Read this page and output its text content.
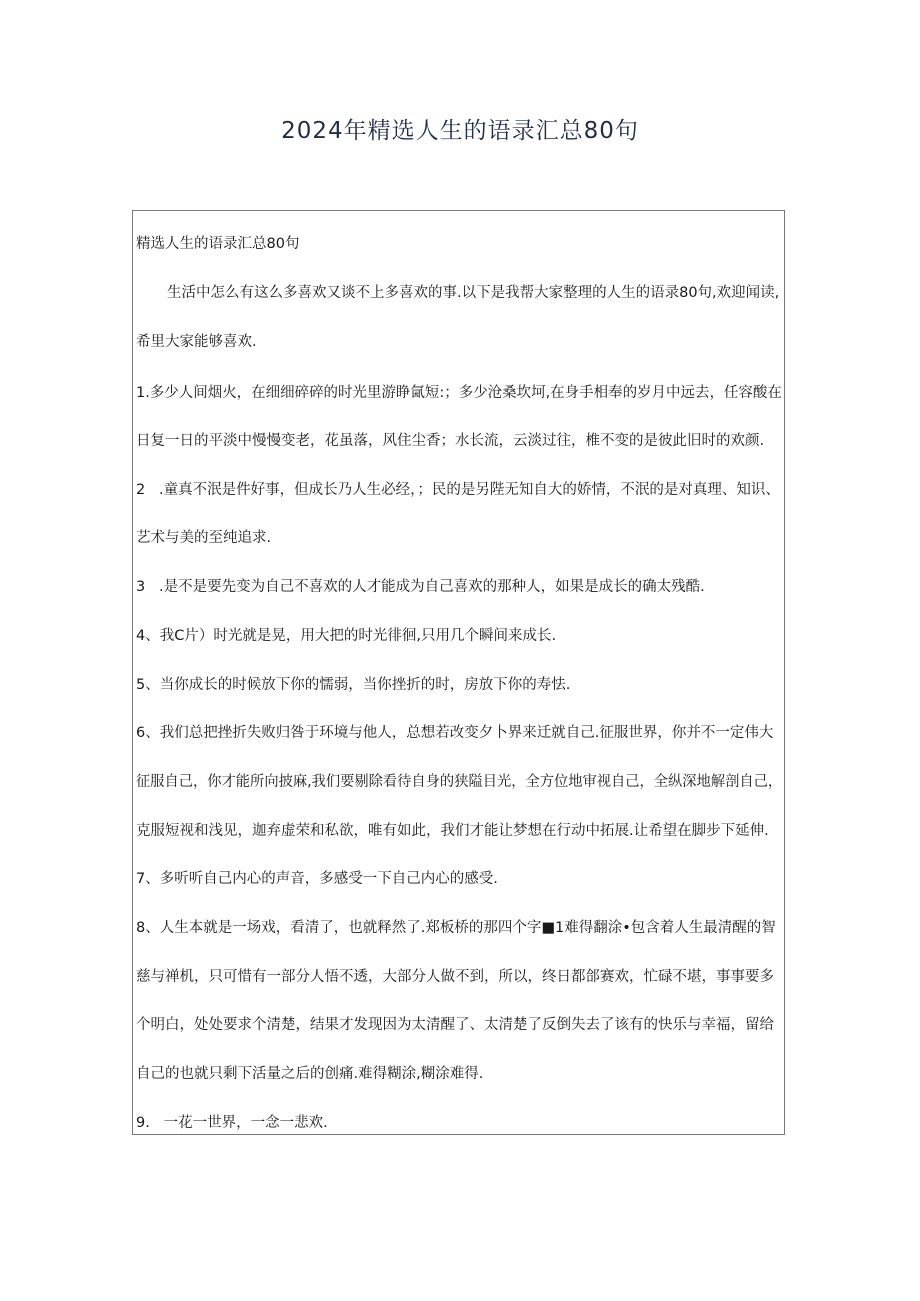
2024年精选人生的语录汇总80句
精选人生的语录汇总80句
生活中怎么有这么多喜欢又谈不上多喜欢的事.以下是我帮大家整理的人生的语录80句,欢迎闻读,
希里大家能够喜欢.
1.多少人间烟火，在细细碎碎的时光里游睁氤短:；多少沧桑坎坷,在身手相奉的岁月中远去，任容酸在
日复一日的平淡中慢慢变老，花虽落，风住尘香；水长流，云淡过往，椎不变的是彼此旧时的欢颜.
2   .童真不泯是件好事，但成长乃人生必经，；民的是另陛无知自大的娇情，不泯的是对真理、知识、
艺术与美的至纯追求.
3   .是不是要先变为自己不喜欢的人才能成为自己喜欢的那种人，如果是成长的确太残酷.
4、我C片）时光就是晃，用大把的时光徘徊,只用几个瞬间来成长.
5、当你成长的时候放下你的懦弱，当你挫折的时，房放下你的寿怯.
6、我们总把挫折失败归咎于环境与他人，总想若改变夕卜界来迁就自己.征服世界，你并不一定伟大
征服自己，你才能所向披麻,我们要剔除看待自身的狭隘目光，全方位地审视自己，全纵深地解剖自己，
克服短视和浅见，迦弃虚荣和私欲，唯有如此，我们才能让梦想在行动中拓展.让希望在脚步下延伸.
7、多听听自己内心的声音，多感受一下自己内心的感受.
8、人生本就是一场戏，看清了，也就释然了.郑板桥的那四个字■1难得翻涂•包含着人生最清醒的智
慈与禅机，只可惜有一部分人悟不透，大部分人做不到，所以，终日都郃赛欢，忙碌不堪，事事要多
个明白，处处要求个清楚，结果才发现因为太清醒了、太清楚了反倒失去了该有的快乐与幸福，留给
自己的也就只剩下活量之后的创痛.难得糊涂,糊涂难得.
9.   一花一世界，一念一悲欢.
